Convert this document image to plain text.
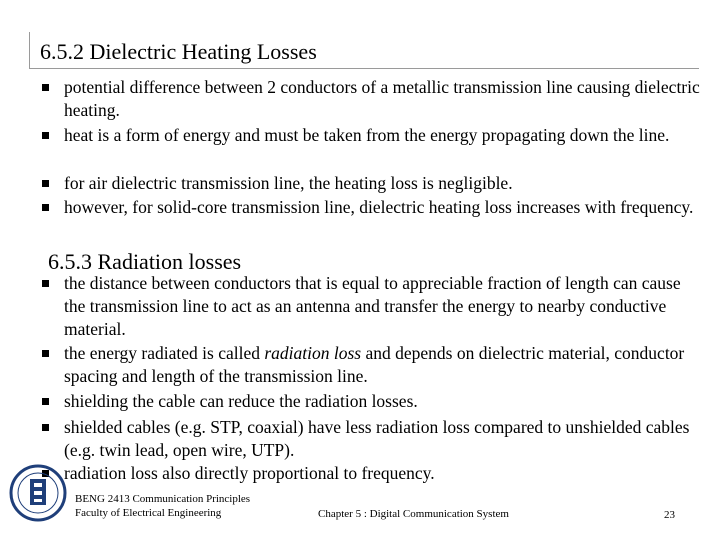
6.5.2 Dielectric Heating Losses
potential difference between 2 conductors of a metallic transmission line causing dielectric heating.
heat is a form of energy and must be taken from the energy propagating down the line.
for air dielectric transmission line, the heating loss is negligible.
however, for solid-core transmission line, dielectric heating loss increases with frequency.
6.5.3 Radiation losses
the distance between conductors that is equal to appreciable fraction of length can cause the transmission line to act as an antenna and transfer the energy to nearby conductive material.
the energy radiated is called radiation loss and depends on dielectric material, conductor spacing and length of the transmission line.
shielding the cable can reduce the radiation losses.
shielded cables (e.g. STP, coaxial) have less radiation loss compared to unshielded cables (e.g. twin lead, open wire, UTP).
radiation loss also directly proportional to frequency.
BENG 2413 Communication Principles
Faculty of Electrical Engineering	Chapter 5 : Digital Communication System	23
